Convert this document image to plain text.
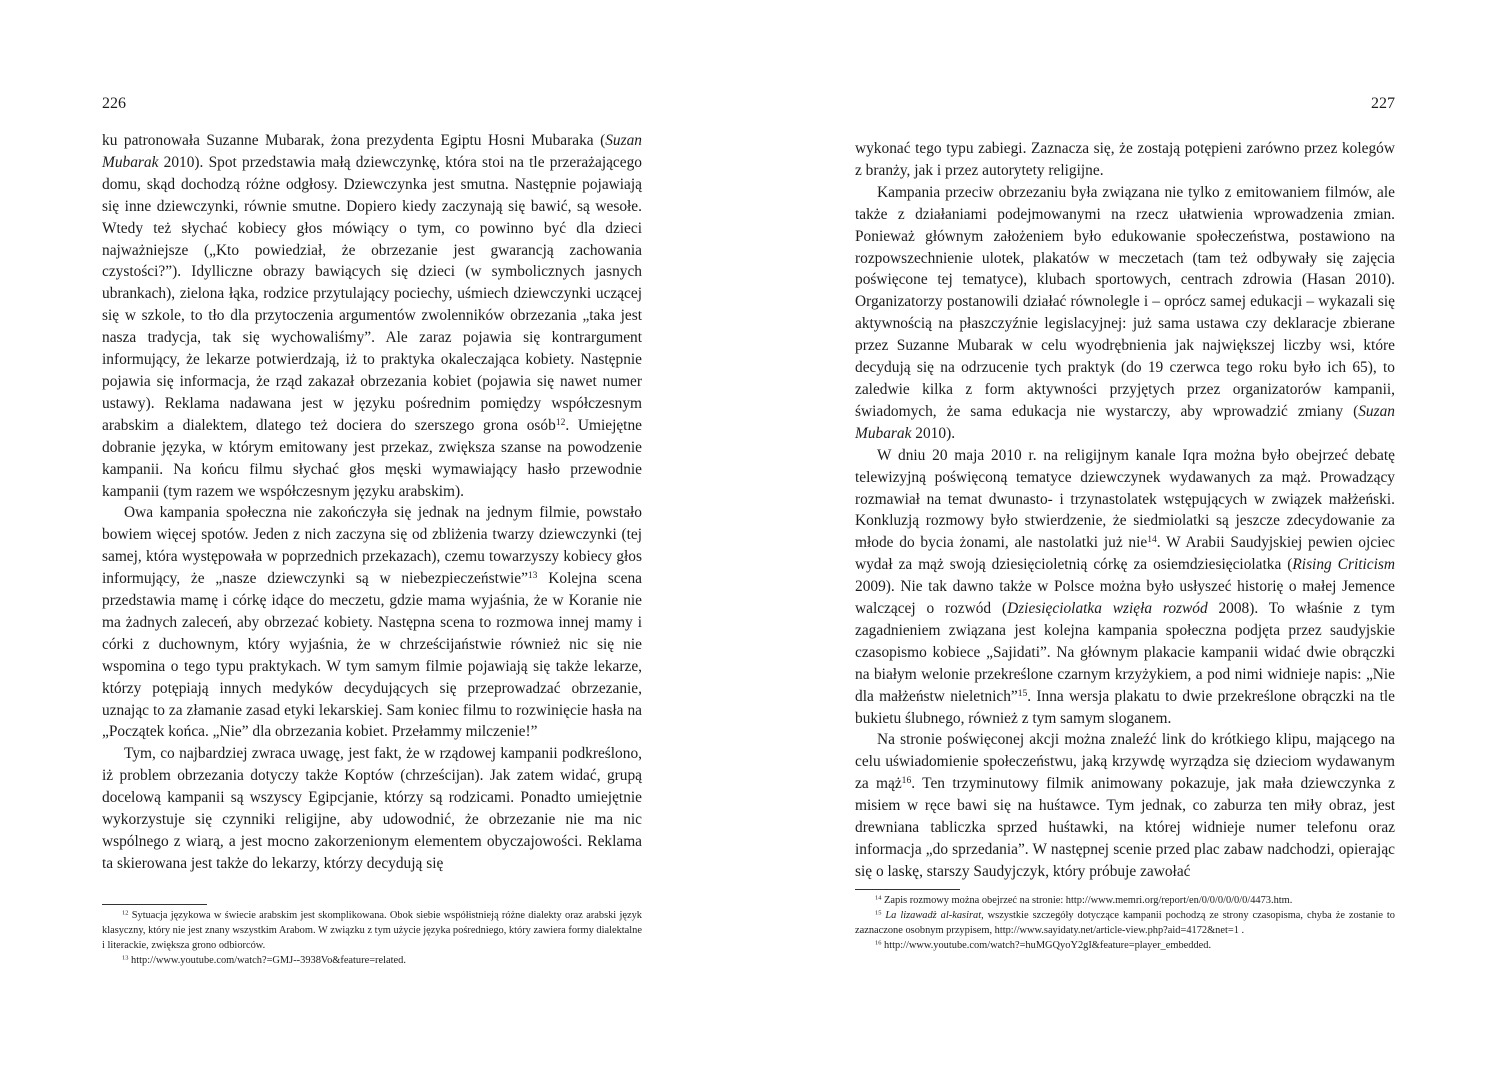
226

ku patronowała Suzanne Mubarak, żona prezydenta Egiptu Hosni Mubaraka (Suzan Mubarak 2010). Spot przedstawia małą dziewczynkę, która stoi na tle przerażającego domu, skąd dochodzą różne odgłosy. Dziewczynka jest smutna. Następnie pojawiają się inne dziewczynki, równie smutne. Dopiero kiedy zaczynają się bawić, są wesołe. Wtedy też słychać kobiecy głos mówiący o tym, co powinno być dla dzieci najważniejsze („Kto powiedział, że obrzezanie jest gwarancją zachowania czystości?”). Idylliczne obrazy bawiących się dzieci (w symbolicznych jasnych ubrankach), zielona łąka, rodzice przytulający pociechy, uśmiech dziewczynki uczącej się w szkole, to tło dla przytoczenia argumentów zwolenników obrzezania „taka jest nasza tradycja, tak się wychowaliśmy”. Ale zaraz pojawia się kontrargument informujący, że lekarze potwierdzają, iż to praktyka okaleczająca kobiety. Następnie pojawia się informacja, że rząd zakazał obrzezania kobiet (pojawia się nawet numer ustawy). Reklama nadawana jest w języku pośrednim pomiędzy współczesnym arabskim a dialektem, dlatego też dociera do szerszego grona osób$^{12}$. Umiejętne dobranie języka, w którym emitowany jest przekaz, zwiększa szanse na powodzenie kampanii. Na końcu filmu słychać głos męski wymawiający hasło przewodnie kampanii (tym razem we współczesnym języku arabskim).

Owa kampania społeczna nie zakończyła się jednak na jednym filmie, powstało bowiem więcej spotów. Jeden z nich zaczyna się od zbliżenia twarzy dziewczynki (tej samej, która występowała w poprzednich przekazach), czemu towarzyszy kobiecy głos informujący, że „nasze dziewczynki są w niebezpieczeństwie”$^{13}$ Kolejna scena przedstawia mamę i córkę idące do meczetu, gdzie mama wyjaśnia, że w Koranie nie ma żadnych zaleceń, aby obrzezać kobiety. Następna scena to rozmowa innej mamy i córki z duchownym, który wyjaśnia, że w chrześcijaństwie również nic się nie wspomina o tego typu praktykach. W tym samym filmie pojawiają się także lekarze, którzy potępiają innych medyków decydujących się przeprowadzać obrzezanie, uznając to za złamanie zasad etyki lekarskiej. Sam koniec filmu to rozwinięcie hasła na „Początek końca. „Nie” dla obrzezania kobiet. Przełammy milczenie!”

Tym, co najbardziej zwraca uwagę, jest fakt, że w rządowej kampanii podkreślono, iż problem obrzezania dotyczy także Koptów (chrześcijan). Jak zatem widać, grupą docelową kampanii są wszyscy Egipcjanie, którzy są rodzicami. Ponadto umiejętnie wykorzystuje się czynniki religijne, aby udowodnić, że obrzezanie nie ma nic wspólnego z wiarą, a jest mocno zakorzenionym elementem obyczajowości. Reklama ta skierowana jest także do lekarzy, którzy decydują się

$^{12}$ Sytuacja językowa w świecie arabskim jest skomplikowana. Obok siebie współistnieją różne dialekty oraz arabski język klasyczny, który nie jest znany wszystkim Arabom. W związku z tym użycie języka pośredniego, który zawiera formy dialektalne i literackie, zwiększa grono odbiorców.

$^{13}$ http://www.youtube.com/watch?=GMJ--3938Vo&feature=related.

227

wykonać tego typu zabiegi. Zaznacza się, że zostają potępieni zarówno przez kolegów z branży, jak i przez autorytety religijne.

Kampania przeciw obrzezaniu była związana nie tylko z emitowaniem filmów, ale także z działaniami podejmowanymi na rzecz ułatwienia wprowadzenia zmian. Ponieważ głównym założeniem było edukowanie społeczeństwa, postawiono na rozpowszechnienie ulotek, plakatów w meczetach (tam też odbywały się zajęcia poświęcone tej tematyce), klubach sportowych, centrach zdrowia (Hasan 2010). Organizatorzy postanowili działać równolegle i – oprócz samej edukacji – wykazali się aktywnością na płaszczyźnie legislacyjnej: już sama ustawa czy deklaracje zbierane przez Suzanne Mubarak w celu wyodrębnienia jak największej liczby wsi, które decydują się na odrzucenie tych praktyk (do 19 czerwca tego roku było ich 65), to zaledwie kilka z form aktywności przyjętych przez organizatorów kampanii, świadomych, że sama edukacja nie wystarczy, aby wprowadzić zmiany (Suzan Mubarak 2010).

W dniu 20 maja 2010 r. na religijnym kanale Iqra można było obejrzeć debatę telewizyjną poświęconą tematyce dziewczynek wydawanych za mąż. Prowadzący rozmawiał na temat dwunasto- i trzynastolatek wstępujących w związek małżeński. Konkluzją rozmowy było stwierdzenie, że siedmiolatki są jeszcze zdecydowanie za młode do bycia żonami, ale nastolatki już nie$^{14}$. W Arabii Saudyjskiej pewien ojciec wydał za mąż swoją dziesięcioletnią córkę za osiemdziesięciolatka (Rising Criticism 2009). Nie tak dawno także w Polsce można było usłyszeć historię o małej Jemence walczącej o rozwód (Dziesięciolatka wzięła rozwód 2008). To właśnie z tym zagadnieniem związana jest kolejna kampania społeczna podjęta przez saudyjskie czasopismo kobiece „Sajidati”. Na głównym plakacie kampanii widać dwie obrączki na białym welonie przekreślone czarnym krzyżykiem, a pod nimi widnieje napis: „Nie dla małżeństw nieletnich”$^{15}$. Inna wersja plakatu to dwie przekreślone obrączki na tle bukietu ślubnego, również z tym samym sloganem.

Na stronie poświęconej akcji można znaleźć link do krótkiego klipu, mającego na celu uświadomienie społeczeństwu, jaką krzywdę wyrządza się dzieciom wydawanym za mąż$^{16}$. Ten trzyminutowy filmik animowany pokazuje, jak mała dziewczynka z misiem w ręce bawi się na huśtawce. Tym jednak, co zaburza ten miły obraz, jest drewniana tabliczka sprzed huśtawki, na której widnieje numer telefonu oraz informacja „do sprzedania”. W następnej scenie przed plac zabaw nadchodzi, opierając się o laskę, starszy Saudyjczyk, który próbuje zawołać

$^{14}$ Zapis rozmowy można obejrzeć na stronie: http://www.memri.org/report/en/0/0/0/0/0/0/4473.htm.

$^{15}$ La lizawadż al-kasirat, wszystkie szczegóły dotyczące kampanii pochodzą ze strony czasopisma, chyba że zostanie to zaznaczone osobnym przypisem, http://www.sayidaty.net/article-view.php?aid=4172&net=1 .

$^{16}$ http://www.youtube.com/watch?=huMGQyoY2gI&feature=player_embedded.
